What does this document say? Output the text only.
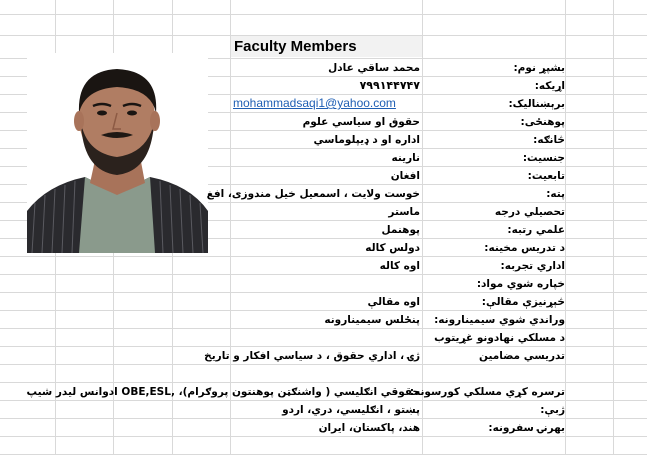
Faculty Members
بشپړ نوم:
اړیکه:
برېښنالیک:
پوهنځی:
څانګه:
جنسیت:
تابعیت:
پته:
تحصیلي درجه
علمي رتبه:
د تدریس مخینه:
اداري تجربه:
خپاره شوي مواد:
څېړنیزې مقالې:
وراندي شوي سیمینارونه:
د مسلکي نهادونو غړیتوب
تدریسي مضامین
ترسره کړي مسلکي کورسونه:
ژبې:
بهرنۍ سفرونه:
محمد ساقي عادل
۷۹۹۱۴۴۷۴۷
mohammadsaqi1@yahoo.com
حقوق او سیاسي علوم
اداره او د ډیپلوماسي
نارینه
افغان
خوست ولایت ، اسمعیل خیل مندوزی، افغ
ماستر
پوهنمل
دولس کاله
اوه کاله
اوه مقالې
پنځلس سیمینارونه
ژۍ ، اداري حقوق ، د سیاسي افکار و تاریخ
حقوقي انګلیسي ( واشنګټن پوهنتون پروګرام)، ,OBE,ESL ادوانس لیدر شیپ
پښتو ، انګلیسي، دري، اردو
هند، پاکستان، ایران
